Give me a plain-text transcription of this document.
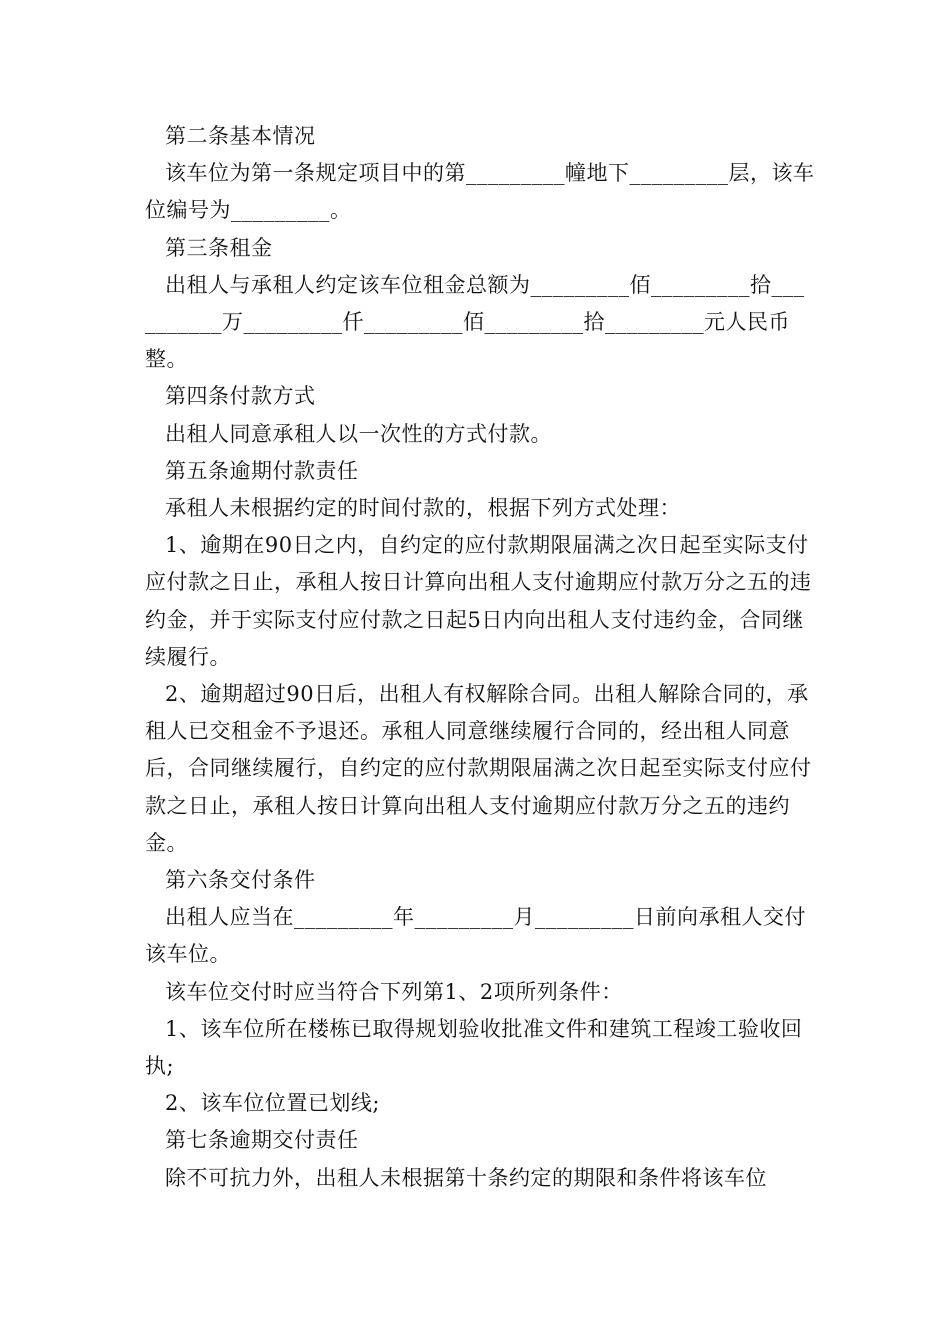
第二条基本情况

该车位为第一条规定项目中的第_________幢地下_________层，该车位编号为_________。

第三条租金

出租人与承租人约定该车位租金总额为_________佰_________拾__________万_________仟_________佰_________拾_________元人民币整。

第四条付款方式

出租人同意承租人以一次性的方式付款。

第五条逾期付款责任

承租人未根据约定的时间付款的，根据下列方式处理：

1、逾期在90日之内，自约定的应付款期限届满之次日起至实际支付应付款之日止，承租人按日计算向出租人支付逾期应付款万分之五的违约金，并于实际支付应付款之日起5日内向出租人支付违约金，合同继续履行。

2、逾期超过90日后，出租人有权解除合同。出租人解除合同的，承租人已交租金不予退还。承租人同意继续履行合同的，经出租人同意后，合同继续履行，自约定的应付款期限届满之次日起至实际支付应付款之日止，承租人按日计算向出租人支付逾期应付款万分之五的违约金。

第六条交付条件

出租人应当在_________年_________月_________日前向承租人交付该车位。

该车位交付时应当符合下列第1、2项所列条件：

1、该车位所在楼栋已取得规划验收批准文件和建筑工程竣工验收回执;

2、该车位位置已划线;

第七条逾期交付责任

除不可抗力外，出租人未根据第十条约定的期限和条件将该车位
